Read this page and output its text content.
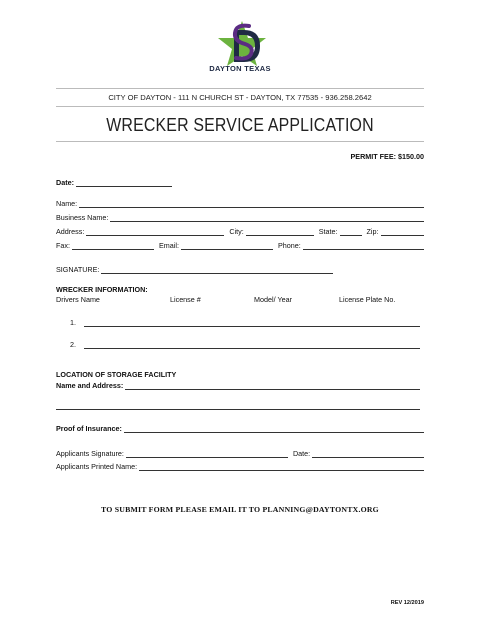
DAYTON TEXAS
CITY OF DAYTON - 111 N CHURCH ST - DAYTON, TX 77535 - 936.258.2642
WRECKER SERVICE APPLICATION
PERMIT FEE: $150.00
Date:
Name:
Business Name:
Address:	City:	State:	Zip:
Fax:	Email:	Phone:
SIGNATURE:
WRECKER INFORMATION:
Drivers Name	License #	Model/ Year	License Plate No.
1.
2.
LOCATION OF STORAGE FACILITY
Name and Address:
Proof of Insurance:
Applicants Signature:	Date:
Applicants Printed Name:
TO SUBMIT FORM PLEASE EMAIL IT TO PLANNING@DAYTONTX.ORG
REV 12/2019
